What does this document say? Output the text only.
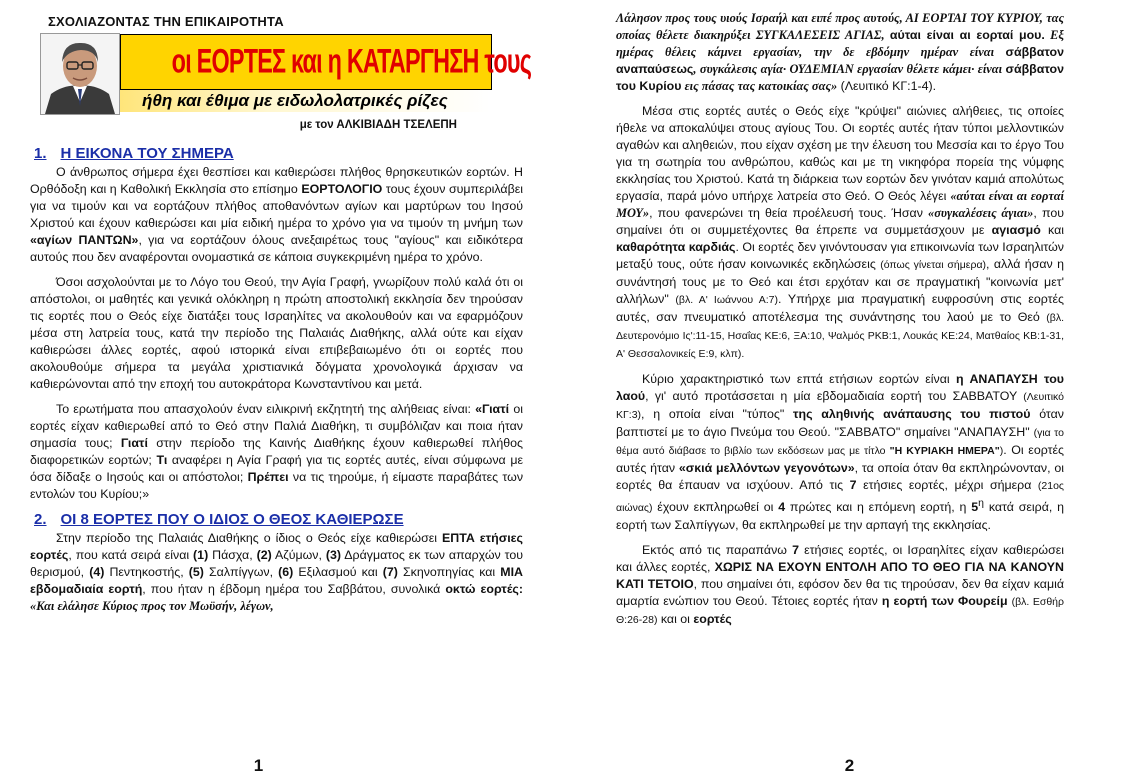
ΣΧΟΛΙΑΖΟΝΤΑΣ ΤΗΝ ΕΠΙΚΑΙΡΟΤΗΤΑ
οι ΕΟΡΤΕΣ και η ΚΑΤΑΡΓΗΣΗ τους
ήθη και έθιμα με ειδωλολατρικές ρίζες
με τον ΑΛΚΙΒΙΑΔΗ ΤΣΕΛΕΠΗ
1. Η ΕΙΚΟΝΑ ΤΟΥ ΣΗΜΕΡΑ

Ο άνθρωπος σήμερα έχει θεσπίσει και καθιερώσει πλήθος θρησκευτικών εορτών. Η Ορθόδοξη και η Καθολική Εκκλησία στο επίσημο ΕΟΡΤΟΛΟΓΙΟ τους έχουν συμπεριλάβει για να τιμούν και να εορτάζουν πλήθος αποθανόντων αγίων και μαρτύρων του Ιησού Χριστού και έχουν καθιερώσει και μία ειδική ημέρα το χρόνο για να τιμούν τη μνήμη των «αγίων ΠΑΝΤΩΝ», για να εορτάζουν όλους ανεξαιρέτως τους "αγίους" και ειδικότερα αυτούς που δεν αναφέρονται ονομαστικά σε κάποια συγκεκριμένη ημέρα το χρόνο.

Όσοι ασχολούνται με το Λόγο του Θεού, την Αγία Γραφή, γνωρίζουν πολύ καλά ότι οι απόστολοι, οι μαθητές και γενικά ολόκληρη η πρώτη αποστολική εκκλησία δεν τηρούσαν τις εορτές που ο Θεός είχε διατάξει τους Ισραηλίτες να ακολουθούν και να εφαρμόζουν μέσα στη λατρεία τους, κατά την περίοδο της Παλαιάς Διαθήκης, αλλά ούτε και είχαν καθιερώσει άλλες εορτές, αφού ιστορικά είναι επιβεβαιωμένο ότι οι εορτές που ακολουθούμε σήμερα τα μεγάλα χριστιανικά δόγματα χρονολογικά άρχισαν να καθιερώνονται από την εποχή του αυτοκράτορα Κωνσταντίνου και μετά.

Το ερωτήματα που απασχολούν έναν ειλικρινή εκζητητή της αλήθειας είναι: «Γιατί οι εορτές είχαν καθιερωθεί από το Θεό στην Παλιά Διαθήκη, τι συμβόλιζαν και ποια ήταν σημασία τους; Γιατί στην περίοδο της Καινής Διαθήκης έχουν καθιερωθεί πλήθος διαφορετικών εορτών; Τι αναφέρει η Αγία Γραφή για τις εορτές αυτές, είναι σύμφωνα με όσα δίδαξε ο Ιησούς και οι απόστολοι; Πρέπει να τις τηρούμε, ή είμαστε παραβάτες των εντολών του Κυρίου;»

2. ΟΙ 8 ΕΟΡΤΕΣ ΠΟΥ Ο ΙΔΙΟΣ Ο ΘΕΟΣ ΚΑΘΙΕΡΩΣΕ

Στην περίοδο της Παλαιάς Διαθήκης ο ίδιος ο Θεός είχε καθιερώσει ΕΠΤΑ ετήσιες εορτές, που κατά σειρά είναι (1) Πάσχα, (2) Αζύμων, (3) Δράγματος εκ των απαρχών του θερισμού, (4) Πεντηκοστής, (5) Σαλπίγγων, (6) Εξιλασμού και (7) Σκηνοπηγίας και ΜΙΑ εβδομαδιαία εορτή, που ήταν η έβδομη ημέρα του Σαββάτου, συνολικά οκτώ εορτές: «Και ελάλησε Κύριος προς τον Μωϋσήν, λέγων,

1

Λάλησον προς τους υιούς Ισραήλ και ειπέ προς αυτούς, ΑΙ ΕΟΡΤΑΙ ΤΟΥ ΚΥΡΙΟΥ, τας οποίας θέλετε διακηρύξει ΣΥΓΚΑΛΕΣΕΙΣ ΑΓΙΑΣ, αύται είναι αι εορταί μου. Εξ ημέρας θέλεις κάμνει εργασίαν, την δε εβδόμην ημέραν είναι σάββατον αναπαύσεως, συγκάλεσις αγία· ΟΥΔΕΜΙΑΝ εργασίαν θέλετε κάμει· είναι σάββατον του Κυρίου εις πάσας τας κατοικίας σας» (Λευιτικό ΚΓ:1-4).

Μέσα στις εορτές αυτές ο Θεός είχε "κρύψει" αιώνιες αλήθειες, τις οποίες ήθελε να αποκαλύψει στους αγίους Του. Οι εορτές αυτές ήταν τύποι μελλοντικών αγαθών και αληθειών, που είχαν σχέση με την έλευση του Μεσσία και το έργο Του για τη σωτηρία του ανθρώπου, καθώς και με τη νικηφόρα πορεία της νύμφης εκκλησίας του Χριστού. Κατά τη διάρκεια των εορτών δεν γινόταν καμιά απολύτως εργασία, παρά μόνο υπήρχε λατρεία στο Θεό. Ο Θεός λέγει «αύται είναι αι εορταί ΜΟΥ», που φανερώνει τη θεία προέλευσή τους. Ήσαν «συγκαλέσεις άγιαι», που σημαίνει ότι οι συμμετέχοντες θα έπρεπε να συμμετάσχουν με αγιασμό και καθαρότητα καρδιάς. Οι εορτές δεν γινόντουσαν για επικοινωνία των Ισραηλιτών μεταξύ τους, ούτε ήσαν κοινωνικές εκδηλώσεις (όπως γίνεται σήμερα), αλλά ήσαν η συνάντησή τους με το Θεό και έτσι ερχόταν και σε πραγματική "κοινωνία μετ' αλλήλων" (βλ. Α' Ιωάννου Α:7). Υπήρχε μια πραγματική ευφροσύνη στις εορτές αυτές, σαν πνευματικό αποτέλεσμα της συνάντησης του λαού με το Θεό (βλ. Δευτερονόμιο Ις':11-15, Ησαΐας ΚΕ:6, ΞΑ:10, Ψαλμός ΡΚΒ:1, Λουκάς ΚΕ:24, Ματθαίος ΚΒ:1-31, Α' Θεσσαλονικείς Ε:9, κλπ).

Κύριο χαρακτηριστικό των επτά ετήσιων εορτών είναι η ΑΝΑΠΑΥΣΗ του λαού, γι' αυτό προτάσσεται η μία εβδομαδιαία εορτή του ΣΑΒΒΑΤΟΥ (Λευιτικό ΚΓ:3), η οποία είναι "τύπος" της αληθινής ανάπαυσης του πιστού όταν βαπτιστεί με το άγιο Πνεύμα του Θεού. "ΣΑΒΒΑΤΟ" σημαίνει "ΑΝΑΠΑΥΣΗ" (για το θέμα αυτό διάβασε το βιβλίο των εκδόσεων μας με τίτλο "Η ΚΥΡΙΑΚΗ ΗΜΕΡΑ"). Οι εορτές αυτές ήταν «σκιά μελλόντων γεγονότων», τα οποία όταν θα εκπληρώνονταν, οι εορτές θα έπαυαν να ισχύουν. Από τις 7 ετήσιες εορτές, μέχρι σήμερα (21ος αιώνας) έχουν εκπληρωθεί οι 4 πρώτες και η επόμενη εορτή, η $5^\eta$ κατά σειρά, η εορτή των Σαλπίγγων, θα εκπληρωθεί με την αρπαγή της εκκλησίας.

Εκτός από τις παραπάνω 7 ετήσιες εορτές, οι Ισραηλίτες είχαν καθιερώσει και άλλες εορτές, ΧΩΡΙΣ ΝΑ ΕΧΟΥΝ ΕΝΤΟΛΗ ΑΠΟ ΤΟ ΘΕΟ ΓΙΑ ΝΑ ΚΑΝΟΥΝ ΚΑΤΙ ΤΕΤΟΙΟ, που σημαίνει ότι, εφόσον δεν θα τις τηρούσαν, δεν θα είχαν καμιά αμαρτία ενώπιον του Θεού. Τέτοιες εορτές ήταν η εορτή των Φουρείμ (βλ. Εσθήρ Θ:26-28) και οι εορτές

2
